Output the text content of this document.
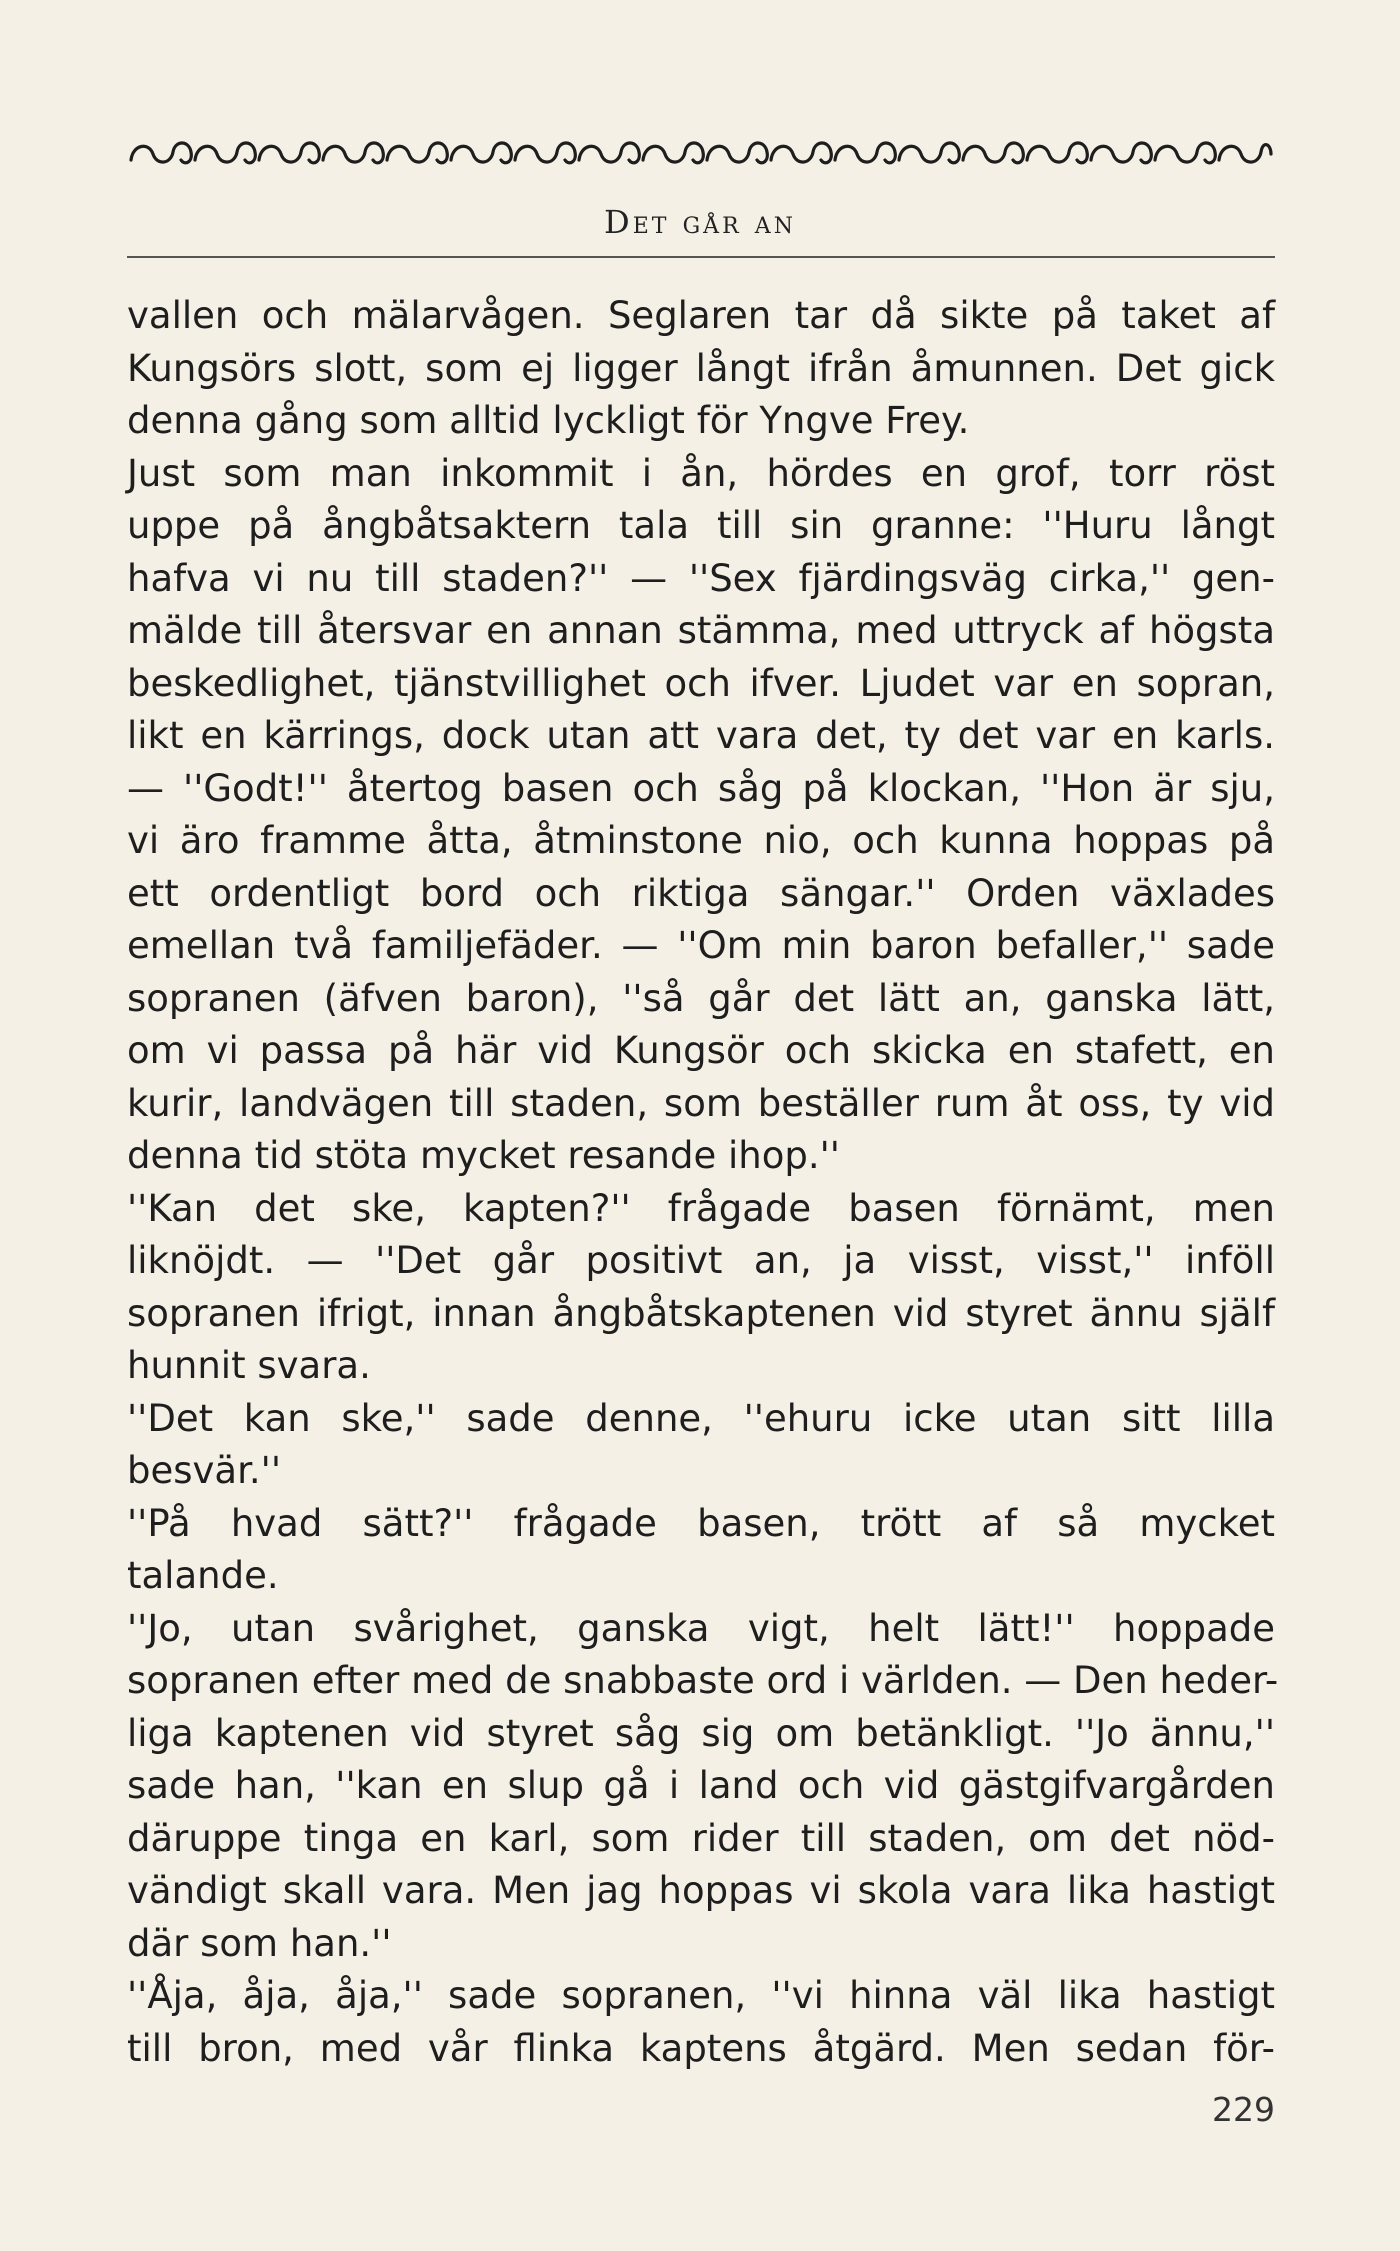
Det går an
vallen och mälarvågen. Seglaren tar då sikte på taket af
Kungsörs slott, som ej ligger långt ifrån åmunnen. Det gick
denna gång som alltid lyckligt för Yngve Frey.
Just som man inkommit i ån, hördes en grof, torr röst
uppe på ångbåtsaktern tala till sin granne: ''Huru långt
hafva vi nu till staden?'' — ''Sex fjärdingsväg cirka,'' gen-
mälde till återsvar en annan stämma, med uttryck af högsta
beskedlighet, tjänstvillighet och ifver. Ljudet var en sopran,
likt en kärrings, dock utan att vara det, ty det var en karls.
— ''Godt!'' återtog basen och såg på klockan, ''Hon är sju,
vi äro framme åtta, åtminstone nio, och kunna hoppas på
ett ordentligt bord och riktiga sängar.'' Orden växlades
emellan två familjefäder. — ''Om min baron befaller,'' sade
sopranen (äfven baron), ''så går det lätt an, ganska lätt,
om vi passa på här vid Kungsör och skicka en stafett, en
kurir, landvägen till staden, som beställer rum åt oss, ty vid
denna tid stöta mycket resande ihop.''
''Kan det ske, kapten?'' frågade basen förnämt, men
liknöjdt. — ''Det går positivt an, ja visst, visst,'' inföll
sopranen ifrigt, innan ångbåtskaptenen vid styret ännu själf
hunnit svara.
''Det kan ske,'' sade denne, ''ehuru icke utan sitt lilla
besvär.''
''På hvad sätt?'' frågade basen, trött af så mycket
talande.
''Jo, utan svårighet, ganska vigt, helt lätt!'' hoppade
sopranen efter med de snabbaste ord i världen. — Den heder-
liga kaptenen vid styret såg sig om betänkligt. ''Jo ännu,''
sade han, ''kan en slup gå i land och vid gästgifvargården
däruppe tinga en karl, som rider till staden, om det nöd-
vändigt skall vara. Men jag hoppas vi skola vara lika hastigt
där som han.''
''Åja, åja, åja,'' sade sopranen, ''vi hinna väl lika hastigt
till bron, med vår flinka kaptens åtgärd. Men sedan för-
229
